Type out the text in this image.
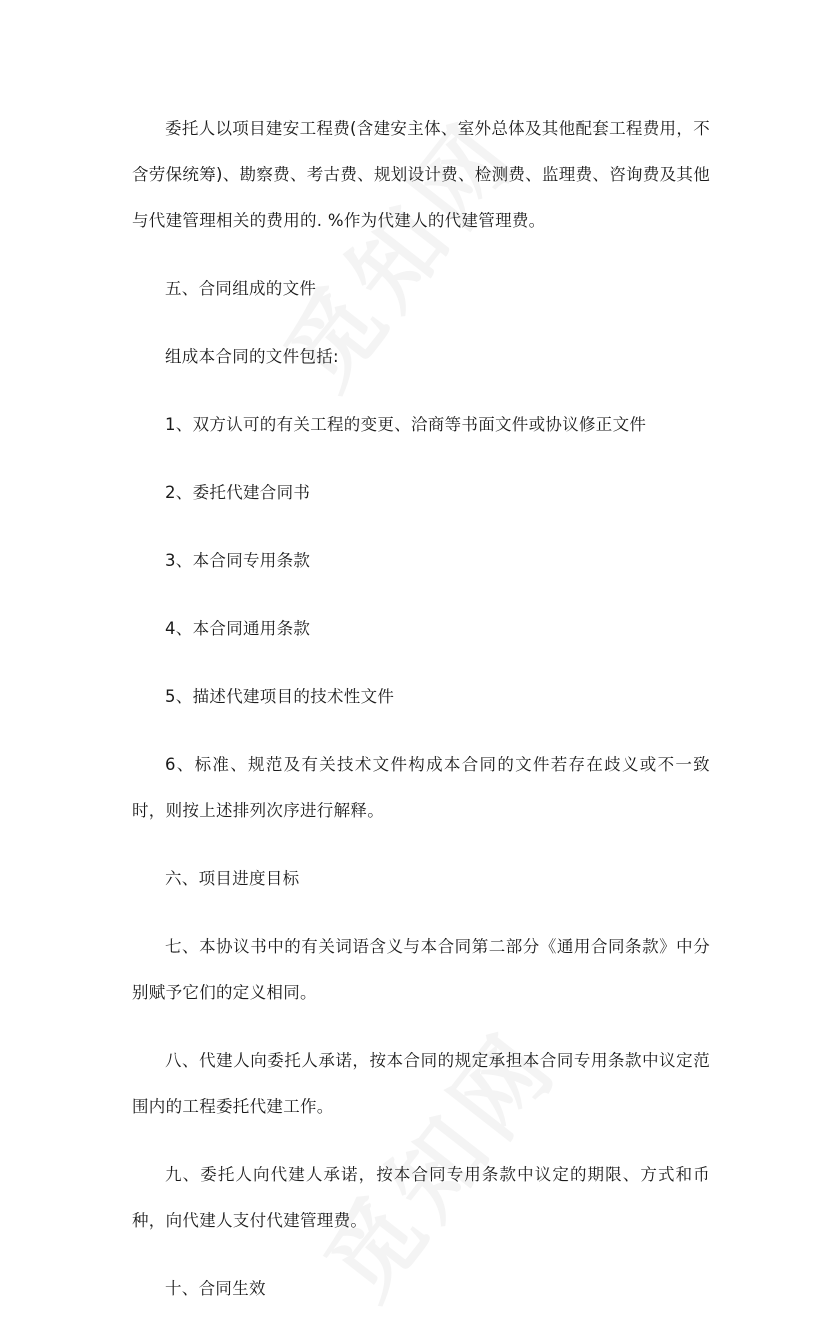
委托人以项目建安工程费(含建安主体、室外总体及其他配套工程费用，不含劳保统筹)、勘察费、考古费、规划设计费、检测费、监理费、咨询费及其他与代建管理相关的费用的. %作为代建人的代建管理费。

五、合同组成的文件

组成本合同的文件包括:

1、双方认可的有关工程的变更、洽商等书面文件或协议修正文件

2、委托代建合同书

3、本合同专用条款

4、本合同通用条款

5、描述代建项目的技术性文件

6、标准、规范及有关技术文件构成本合同的文件若存在歧义或不一致时，则按上述排列次序进行解释。

六、项目进度目标

七、本协议书中的有关词语含义与本合同第二部分《通用合同条款》中分别赋予它们的定义相同。

八、代建人向委托人承诺，按本合同的规定承担本合同专用条款中议定范围内的工程委托代建工作。

九、委托人向代建人承诺，按本合同专用条款中议定的期限、方式和币种，向代建人支付代建管理费。

十、合同生效
